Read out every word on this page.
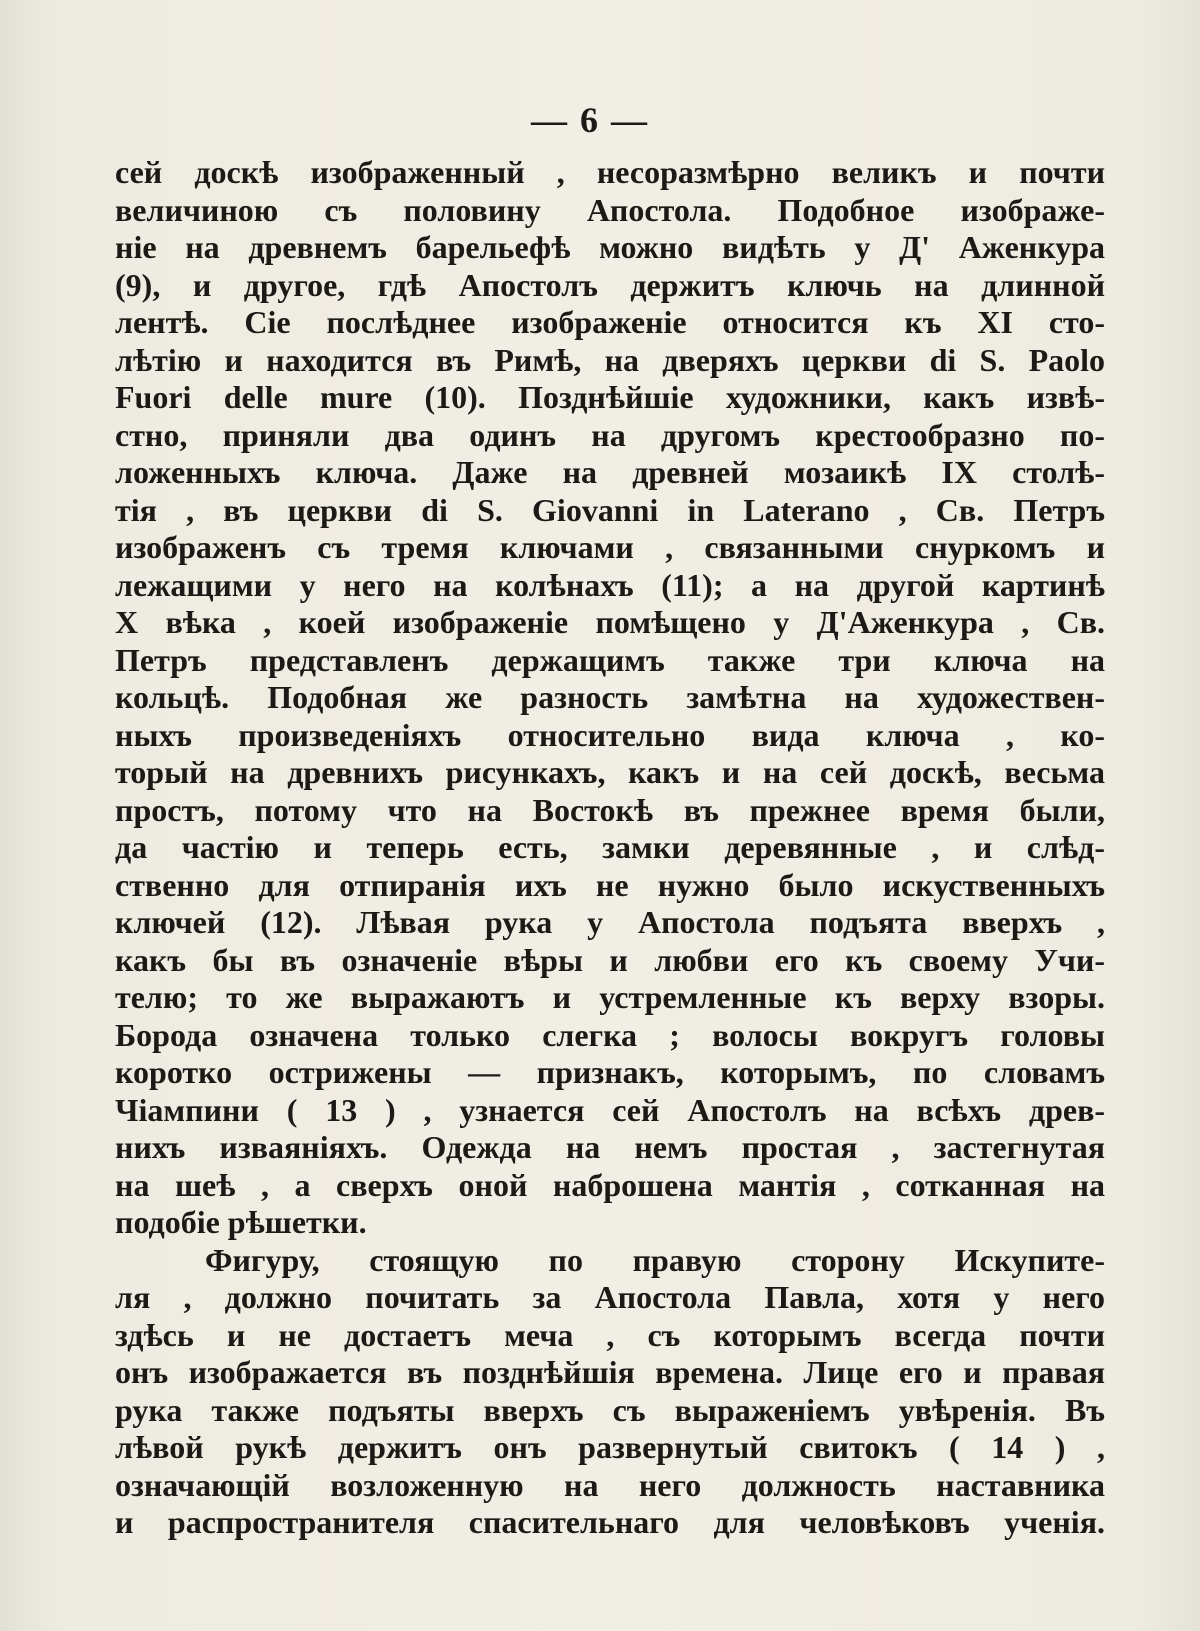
— 6 —
сей доскѣ изображенный , несоразмѣрно великъ и почти
величиною съ половину Апостола. Подобное изображе-
ніе на древнемъ барельефѣ можно видѣть у Д' Аженкура
(9), и другое, гдѣ Апостолъ держитъ ключь на длинной
лентѣ. Сіе послѣднее изображеніе относится къ XI сто-
лѣтію и находится въ Римѣ, на дверяхъ церкви di S. Paolo
Fuori delle mure (10). Позднѣйшіе художники, какъ извѣ-
стно, приняли два одинъ на другомъ крестообразно по-
ложенныхъ ключа. Даже на древней мозаикѣ IX столѣ-
тія , въ церкви di S. Giovanni in Laterano , Св. Петръ
изображенъ съ тремя ключами , связанными снуркомъ и
лежащими у него на колѣнахъ (11); а на другой картинѣ
X вѣка , коей изображеніе помѣщено у Д'Аженкура , Св.
Петръ представленъ держащимъ также три ключа на
кольцѣ. Подобная же разность замѣтна на художествен-
ныхъ произведеніяхъ относительно вида ключа , ко-
торый на древнихъ рисункахъ, какъ и на сей доскѣ, весьма
простъ, потому что на Востокѣ въ прежнее время были,
да частію и теперь есть, замки деревянные , и слѣд-
ственно для отпиранія ихъ не нужно было искуственныхъ
ключей (12). Лѣвая рука у Апостола подъята вверхъ ,
какъ бы въ означеніе вѣры и любви его къ своему Учи-
телю; то же выражаютъ и устремленные къ верху взоры.
Борода означена только слегка ; волосы вокругъ головы
коротко острижены — признакъ, которымъ, по словамъ
Чіампини ( 13 ) , узнается сей Апостолъ на всѣхъ древ-
нихъ изваяніяхъ. Одежда на немъ простая , застегнутая
на шеѣ , а сверхъ оной наброшена мантія , сотканная на
подобіе рѣшетки.
Фигуру, стоящую по правую сторону Искупите-
ля , должно почитать за Апостола Павла, хотя у него
здѣсь и не достаетъ меча , съ которымъ всегда почти
онъ изображается въ позднѣйшія времена. Лице его и правая
рука также подъяты вверхъ съ выраженіемъ увѣренія. Въ
лѣвой рукѣ держитъ онъ развернутый свитокъ ( 14 ) ,
означающій возложенную на него должность наставника
и распространителя спасительнаго для человѣковъ ученія.
